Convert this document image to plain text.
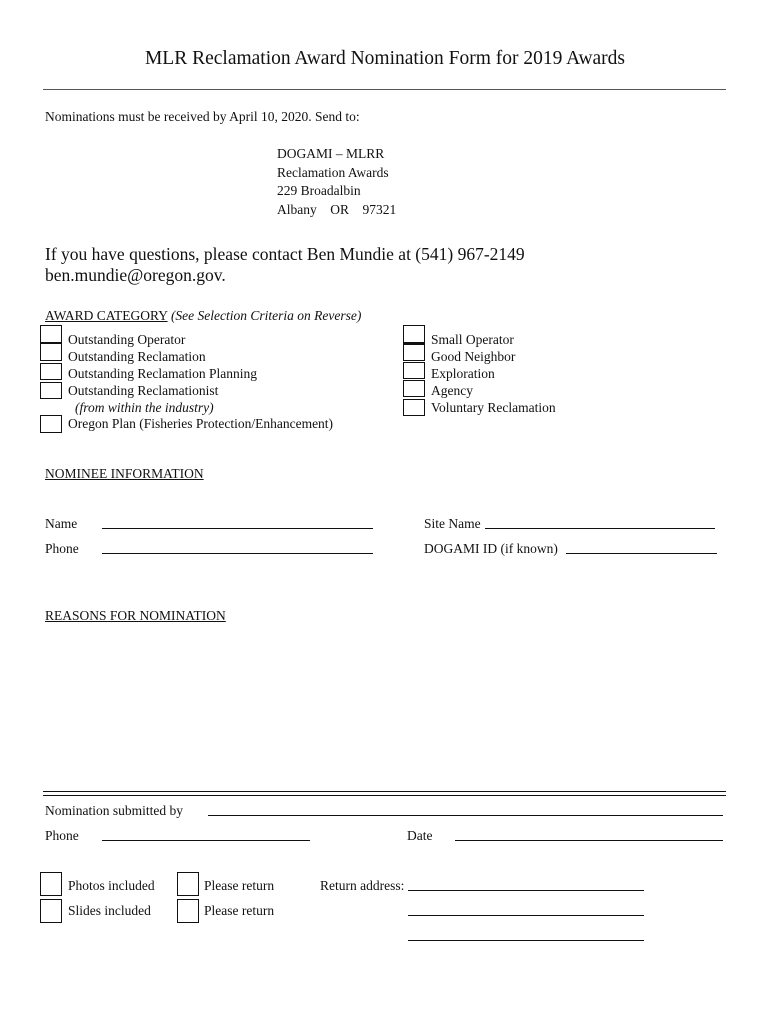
MLR Reclamation Award Nomination Form for 2019 Awards
Nominations must be received by April 10, 2020. Send to:
DOGAMI – MLRR
Reclamation Awards
229 Broadalbin
Albany    OR    97321
If you have questions, please contact Ben Mundie at (541) 967-2149
ben.mundie@oregon.gov.
AWARD CATEGORY (See Selection Criteria on Reverse)
Outstanding Operator
Outstanding Reclamation
Outstanding Reclamation Planning
Outstanding Reclamationist
(from within the industry)
Oregon Plan (Fisheries Protection/Enhancement)
Small Operator
Good Neighbor
Exploration
Agency
Voluntary Reclamation
NOMINEE INFORMATION
Name
Phone
Site Name
DOGAMI ID (if known)
REASONS FOR NOMINATION
Nomination submitted by
Phone	Date
Photos included	Please return
Slides included	Please return
Return address:
